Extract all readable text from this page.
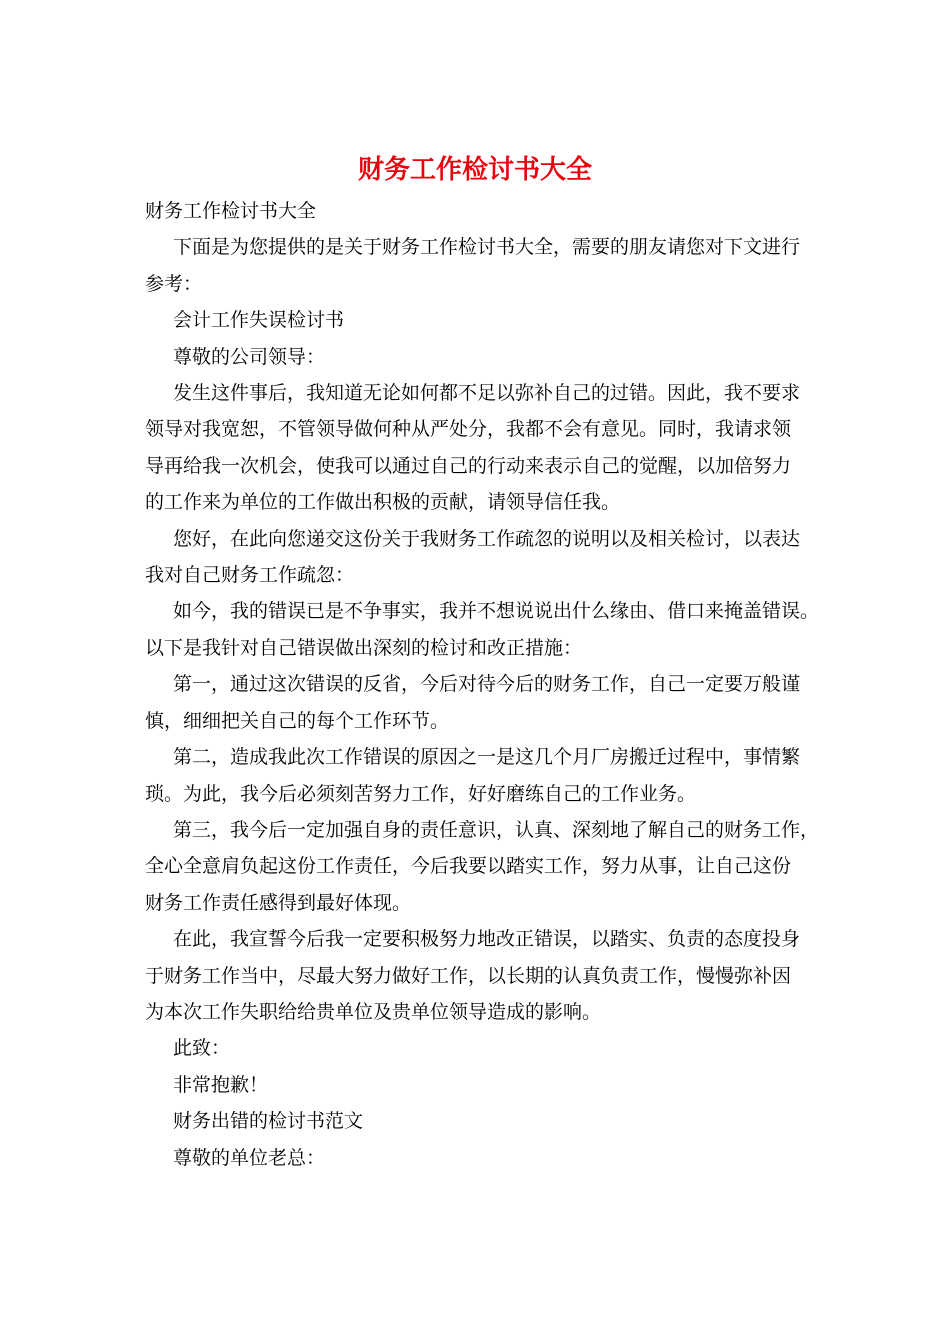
财务工作检讨书大全
财务工作检讨书大全
下面是为您提供的是关于财务工作检讨书大全，需要的朋友请您对下文进行
参考：
会计工作失误检讨书
尊敬的公司领导：
发生这件事后，我知道无论如何都不足以弥补自己的过错。因此，我不要求
领导对我宽恕，不管领导做何种从严处分，我都不会有意见。同时，我请求领
导再给我一次机会，使我可以通过自己的行动来表示自己的觉醒，以加倍努力
的工作来为单位的工作做出积极的贡献，请领导信任我。
您好，在此向您递交这份关于我财务工作疏忽的说明以及相关检讨，以表达
我对自己财务工作疏忽：
如今，我的错误已是不争事实，我并不想说说出什么缘由、借口来掩盖错误。
以下是我针对自己错误做出深刻的检讨和改正措施：
第一，通过这次错误的反省，今后对待今后的财务工作，自己一定要万般谨
慎，细细把关自己的每个工作环节。
第二，造成我此次工作错误的原因之一是这几个月厂房搬迁过程中，事情繁
琐。为此，我今后必须刻苦努力工作，好好磨练自己的工作业务。
第三，我今后一定加强自身的责任意识，认真、深刻地了解自己的财务工作，
全心全意肩负起这份工作责任，今后我要以踏实工作，努力从事，让自己这份
财务工作责任感得到最好体现。
在此，我宣誓今后我一定要积极努力地改正错误，以踏实、负责的态度投身
于财务工作当中，尽最大努力做好工作，以长期的认真负责工作，慢慢弥补因
为本次工作失职给给贵单位及贵单位领导造成的影响。
此致：
非常抱歉！
财务出错的检讨书范文
尊敬的单位老总：
